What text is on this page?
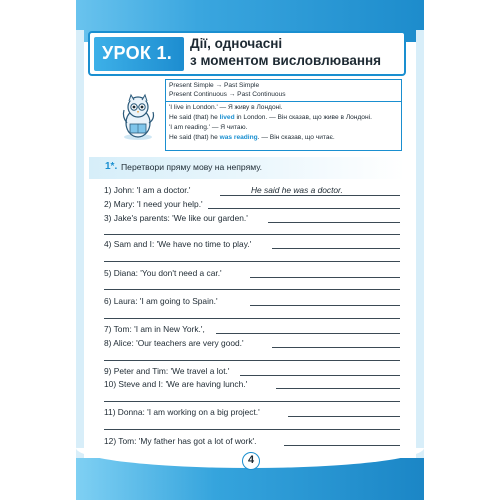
УРОК 1. Дії, одночасні
з моментом висловлювання
Present Simple → Past Simple
Present Continuous → Past Continuous
'I live in London.' — Я живу в Лондоні.
He said (that) he lived in London. — Він сказав, що живе в Лондоні.
'I am reading.' — Я читаю.
He said (that) he was reading. — Він сказав, що читає.
1*. Перетвори пряму мову на непряму.
1) John: 'I am a doctor.'	He said he was a doctor.
2) Mary: 'I need your help.'
3) Jake's parents: 'We like our garden.'
4) Sam and I: 'We have no time to play.'
5) Diana: 'You don't need a car.'
6) Laura: 'I am going to Spain.'
7) Tom: 'I am in New York.',
8) Alice: 'Our teachers are very good.'
9) Peter and Tim: 'We travel a lot.'
10) Steve and I: 'We are having lunch.'
11) Donna: 'I am working on a big project.'
12) Tom: 'My father has got a lot of work'.
4
